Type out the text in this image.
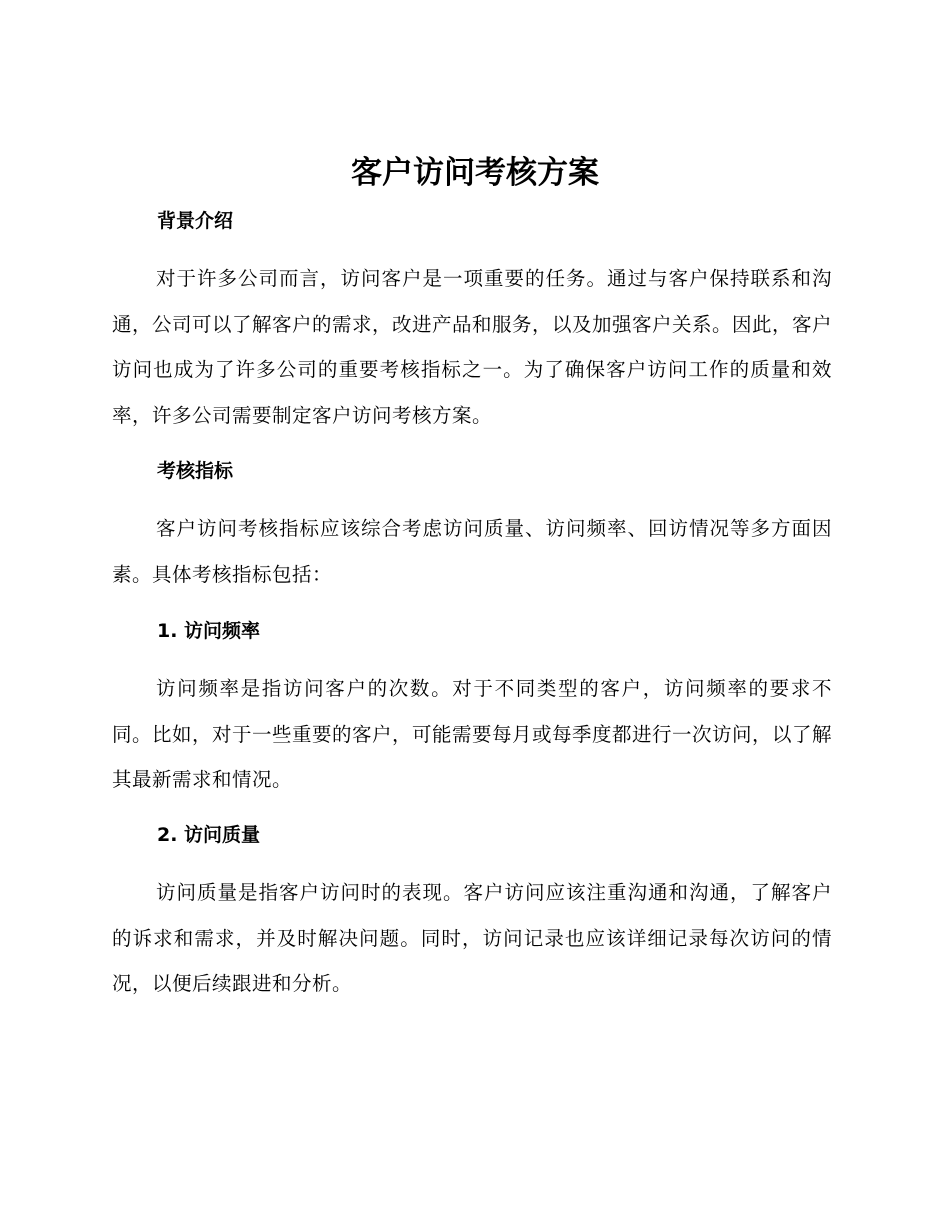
客户访问考核方案
背景介绍

对于许多公司而言，访问客户是一项重要的任务。通过与客户保持联系和沟通，公司可以了解客户的需求，改进产品和服务，以及加强客户关系。因此，客户访问也成为了许多公司的重要考核指标之一。为了确保客户访问工作的质量和效率，许多公司需要制定客户访问考核方案。

考核指标

客户访问考核指标应该综合考虑访问质量、访问频率、回访情况等多方面因素。具体考核指标包括：

1. 访问频率

访问频率是指访问客户的次数。对于不同类型的客户，访问频率的要求不同。比如，对于一些重要的客户，可能需要每月或每季度都进行一次访问，以了解其最新需求和情况。

2. 访问质量

访问质量是指客户访问时的表现。客户访问应该注重沟通和沟通，了解客户的诉求和需求，并及时解决问题。同时，访问记录也应该详细记录每次访问的情况，以便后续跟进和分析。
